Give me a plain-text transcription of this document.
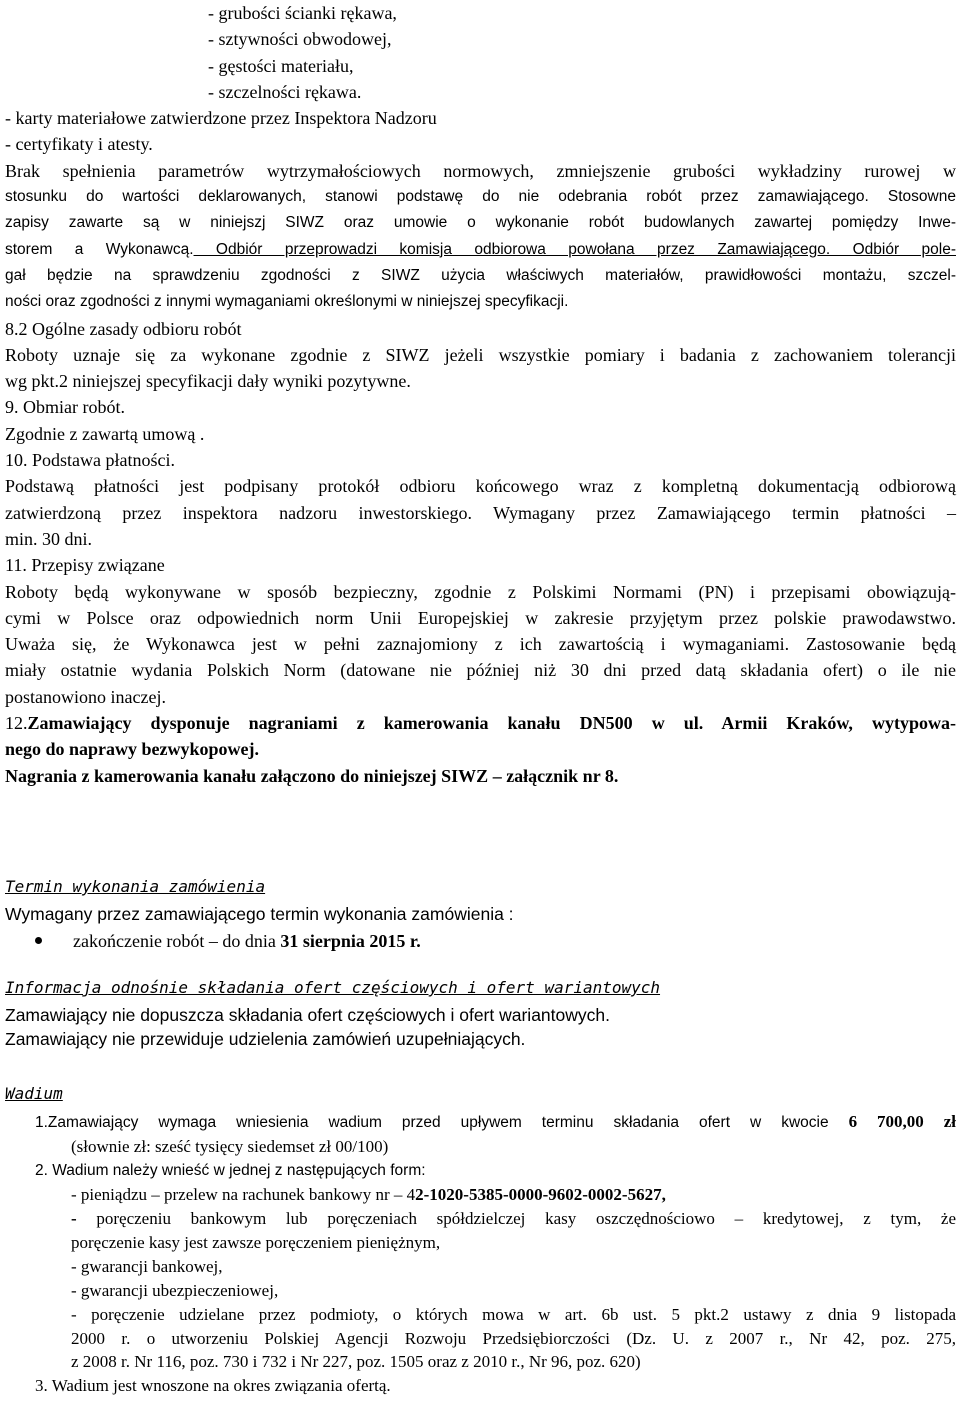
- grubości ścianki rękawa,
- sztywności obwodowej,
- gęstości materiału,
- szczelności rękawa.
- karty materiałowe zatwierdzone przez Inspektora Nadzoru
- certyfikaty i atesty.
Brak spełnienia parametrów wytrzymałościowych normowych, zmniejszenie grubości wykładziny rurowej w
stosunku do wartości deklarowanych, stanowi podstawę do nie odebrania robót przez zamawiającego. Stosowne
zapisy zawarte są w niniejszj SIWZ oraz umowie o wykonanie robót budowlanych zawartej pomiędzy Inwe-
storem a Wykonawcą. Odbiór przeprowadzi komisja odbiorowa powołana przez Zamawiającego. Odbiór pole-
gał będzie na sprawdzeniu zgodności z SIWZ użycia właściwych materiałów, prawidłowości montażu, szczel-
ności oraz zgodności z innymi wymaganiami określonymi w niniejszej specyfikacji.
8.2 Ogólne zasady odbioru robót
Roboty uznaje się za wykonane zgodnie z SIWZ jeżeli wszystkie pomiary i badania z zachowaniem tolerancji
wg pkt.2 niniejszej specyfikacji dały wyniki pozytywne.
9. Obmiar robót.
Zgodnie z zawartą umową .
10. Podstawa płatności.
Podstawą płatności jest podpisany protokół odbioru końcowego wraz z kompletną dokumentacją odbiorową
zatwierdzoną przez inspektora nadzoru inwestorskiego. Wymagany przez Zamawiającego termin płatności –
min. 30 dni.
11. Przepisy związane
Roboty będą wykonywane w sposób bezpieczny, zgodnie z Polskimi Normami (PN) i przepisami obowiązują-
cymi w Polsce oraz odpowiednich norm Unii Europejskiej w zakresie przyjętym przez polskie prawodawstwo.
Uważa się, że Wykonawca jest w pełni zaznajomiony z ich zawartością i wymaganiami. Zastosowanie będą
miały ostatnie wydania Polskich Norm (datowane nie później niż 30 dni przed datą składania ofert) o ile nie
postanowiono inaczej.
12.Zamawiający dysponuje nagraniami z kamerowania kanału DN500 w ul. Armii Kraków, wytypowa-
nego do naprawy bezwykopowej.
Nagrania z kamerowania kanału załączono do niniejszej SIWZ – załącznik nr 8.
Termin wykonania zamówienia
Wymagany przez zamawiającego termin wykonania zamówienia :
zakończenie robót – do dnia 31 sierpnia 2015 r.
Informacja odnośnie składania ofert częściowych i ofert wariantowych
Zamawiający nie dopuszcza składania ofert częściowych i ofert wariantowych.
Zamawiający nie przewiduje udzielenia zamówień uzupełniających.
Wadium
1.Zamawiający wymaga wniesienia wadium przed upływem terminu składania ofert w kwocie 6 700,00 zł
(słownie zł: sześć tysięcy siedemset zł 00/100)
2. Wadium należy wnieść w jednej z następujących form:
- pieniądzu – przelew na rachunek bankowy nr – 42-1020-5385-0000-9602-0002-5627,
- poręczeniu bankowym lub poręczeniach spółdzielczej kasy oszczędnościowo – kredytowej, z tym, że
poręczenie kasy jest zawsze poręczeniem pieniężnym,
- gwarancji bankowej,
- gwarancji ubezpieczeniowej,
- poręczenie udzielane przez podmioty, o których mowa w art. 6b ust. 5 pkt.2 ustawy z dnia 9 listopada
2000 r. o utworzeniu Polskiej Agencji Rozwoju Przedsiębiorczości (Dz. U. z 2007 r., Nr 42, poz. 275,
z 2008 r. Nr 116, poz. 730 i 732 i Nr 227, poz. 1505 oraz z 2010 r., Nr 96, poz. 620)
3. Wadium jest wnoszone na okres związania ofertą.
